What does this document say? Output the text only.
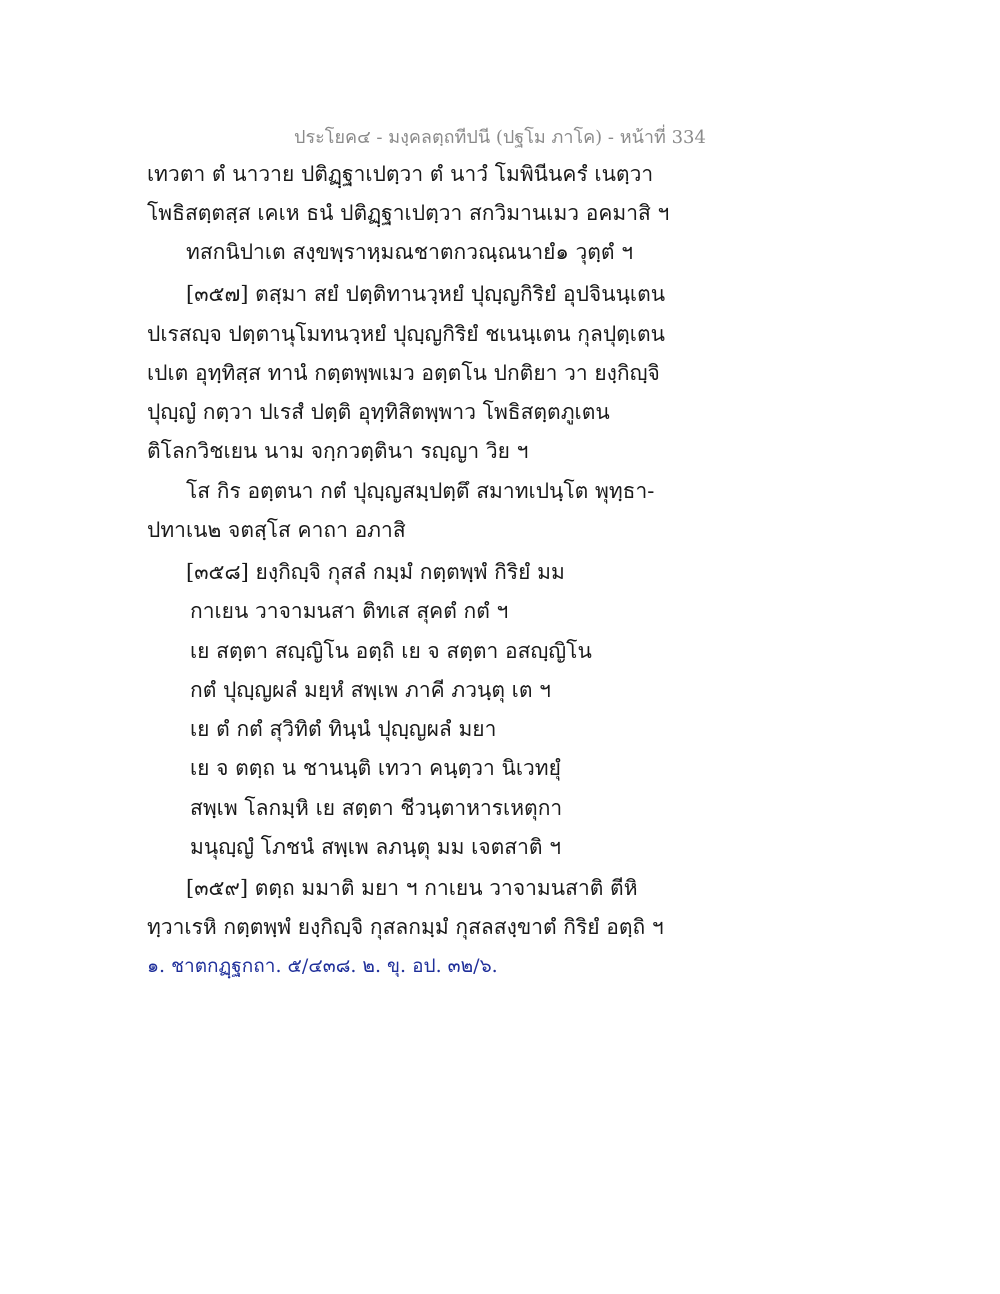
ประโยค๔ - มงฺคลตฺถทีปนี (ปฐโม ภาโค) - หน้าที่ 334
เทวตา ตํ นาวาย ปติฏฺฐาเปตฺวา ตํ นาวํ โมพินีนครํ เนตฺวา
โพธิสตฺตสฺส เคเห ธนํ ปติฏฺฐาเปตฺวา สกวิมานเมว อคมาสิ ฯ
ทสกนิปาเต สงฺขพฺราหฺมณชาตกวณฺณนายํ๑ วุตฺตํ ฯ
[๓๕๗] ตสฺมา สยํ ปตฺติทานวฺหยํ ปุญฺญกิริยํ อุปจินนฺเตน
ปเรสญฺจ ปตฺตานุโมทนวฺหยํ ปุญฺญกิริยํ ชเนนฺเตน กุลปุตฺเตน
เปเต อุทฺทิสฺส ทานํ กตฺตพฺพเมว อตฺตโน ปกติยา วา ยงฺกิญฺจิ
ปุญฺญํ กตฺวา ปเรสํ ปตฺติ อุทฺทิสิตพฺพาว โพธิสตฺตภูเตน
ติโลกวิชเยน นาม จกฺกวตฺตินา รญฺญา วิย ฯ
โส กิร อตฺตนา กตํ ปุญฺญสมฺปตฺตึ สมาทเปนฺโต พุทฺธา-
ปทาเน๒ จตสฺโส คาถา อภาสิ
[๓๕๘] ยงฺกิญฺจิ กุสลํ กมฺมํ กตฺตพฺพํ กิริยํ มม
กาเยน วาจามนสา ติทเส สุคตํ กตํ ฯ
เย สตฺตา สญฺญิโน อตฺถิ เย จ สตฺตา อสญฺญิโน
กตํ ปุญฺญผลํ มยฺหํ สพฺเพ ภาคี ภวนฺตุ เต ฯ
เย ตํ กตํ สุวิทิตํ ทินฺนํ ปุญฺญผลํ มยา
เย จ ตตฺถ น ชานนฺติ เทวา คนฺตฺวา นิเวทยุํ
สพฺเพ โลกมฺหิ เย สตฺตา ชีวนฺตาหารเหตุกา
มนุญฺญํ โภชนํ สพฺเพ ลภนฺตุ มม เจตสาติ ฯ
[๓๕๙] ตตฺถ มมาติ มยา ฯ กาเยน วาจามนสาติ ตีหิ
ทฺวาเรหิ กตฺตพฺพํ ยงฺกิญฺจิ กุสลกมฺมํ กุสลสงฺขาตํ กิริยํ อตฺถิ ฯ
๑. ชาตกฏฺฐกถา. ๕/๔๓๘. ๒. ขุ. อป. ๓๒/๖.
